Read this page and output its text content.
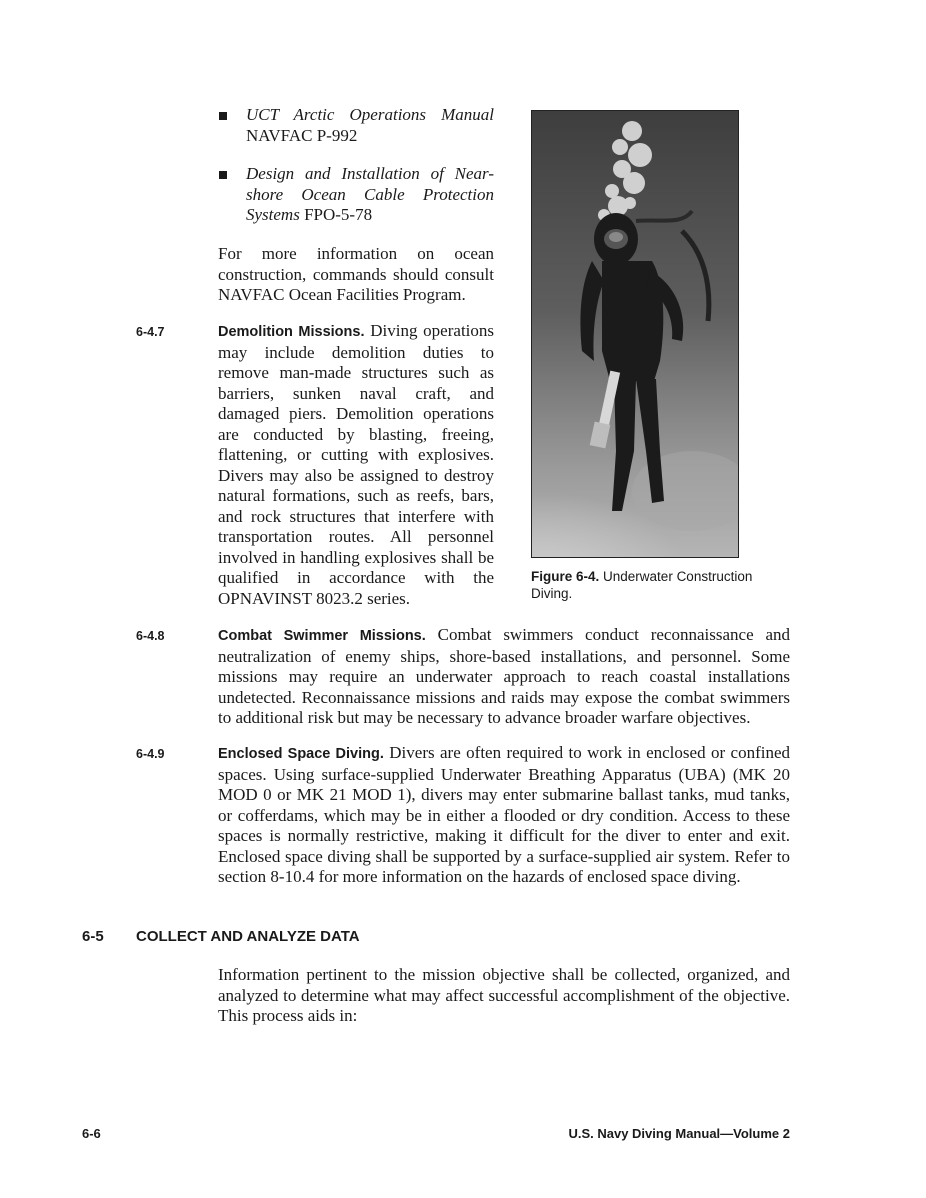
UCT Arctic Operations Manual
NAVFAC P-992
Design and Installation of Near-shore Ocean Cable Protection Systems FPO-5-78
For more information on ocean construction, commands should consult NAVFAC Ocean Facilities Program.
6-4.7	Demolition Missions. Diving operations may include demolition duties to remove man-made structures such as barriers, sunken naval craft, and damaged piers. Demolition operations are conducted by blasting, freeing, flattening, or cutting with explosives. Divers may also be assigned to destroy natural formations, such as reefs, bars, and rock structures that interfere with transportation routes. All personnel involved in handling explosives shall be qualified in accordance with the OPNAVINST 8023.2 series.
Figure 6-4. Underwater Construction Diving.
6-4.8	Combat Swimmer Missions. Combat swimmers conduct reconnaissance and neutralization of enemy ships, shore-based installations, and personnel. Some missions may require an underwater approach to reach coastal installations undetected. Reconnaissance missions and raids may expose the combat swimmers to additional risk but may be necessary to advance broader warfare objectives.
6-4.9	Enclosed Space Diving. Divers are often required to work in enclosed or confined spaces. Using surface-supplied Underwater Breathing Apparatus (UBA) (MK 20 MOD 0 or MK 21 MOD 1), divers may enter submarine ballast tanks, mud tanks, or cofferdams, which may be in either a flooded or dry condition. Access to these spaces is normally restrictive, making it difficult for the diver to enter and exit. Enclosed space diving shall be supported by a surface-supplied air system. Refer to section 8-10.4 for more information on the hazards of enclosed space diving.
6-5 COLLECT AND ANALYZE DATA
Information pertinent to the mission objective shall be collected, organized, and analyzed to determine what may affect successful accomplishment of the objective. This process aids in:
6-6	U.S. Navy Diving Manual—Volume 2
